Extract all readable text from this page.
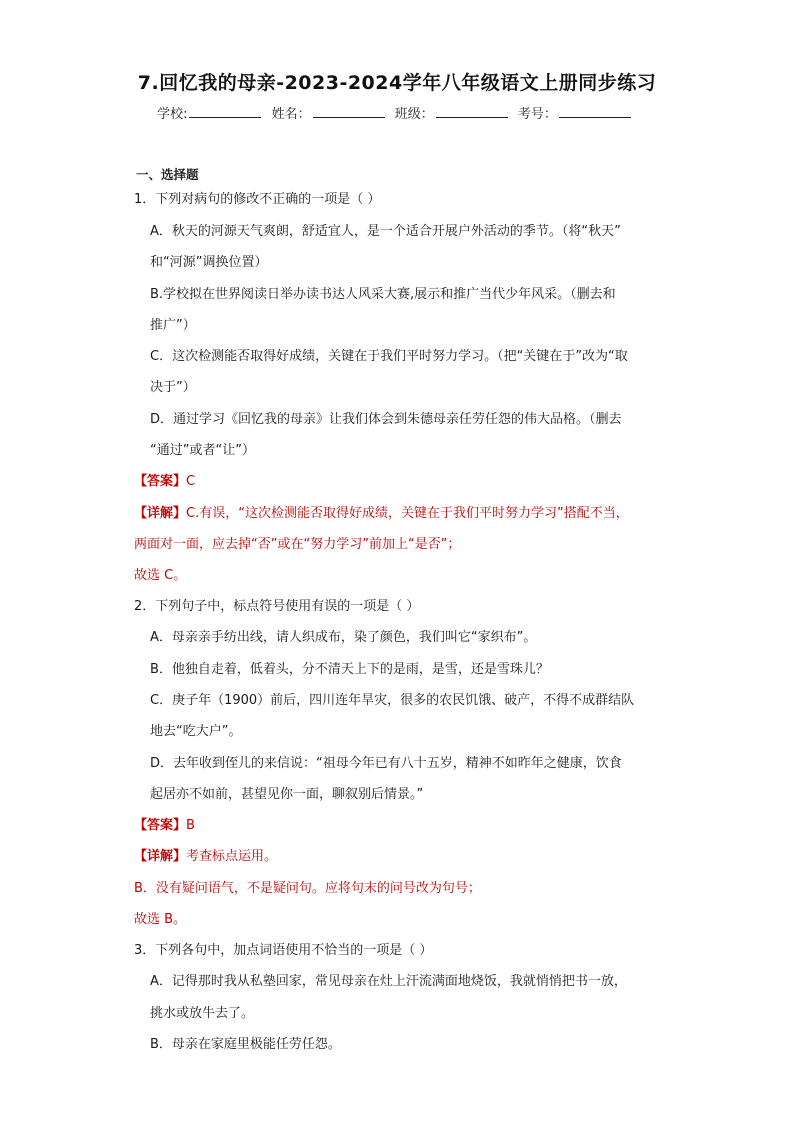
7.回忆我的母亲-2023-2024学年八年级语文上册同步练习
学校:	姓名：	班级：	考号：
一、选择题
1．下列对病句的修改不正确的一项是（ ）
A．秋天的河源天气爽朗，舒适宜人，是一个适合开展户外活动的季节。（将“秋天”
和“河源”调换位置）
B.学校拟在世界阅读日举办读书达人风采大赛,展示和推广当代少年风采。（删去和
推广”）
C．这次检测能否取得好成绩，关键在于我们平时努力学习。（把“关键在于”改为“取
决于”）
D．通过学习《回忆我的母亲》让我们体会到朱德母亲任劳任怨的伟大品格。（删去
“通过”或者“让”）
【答案】C
【详解】C.有误，“这次检测能否取得好成绩，关键在于我们平时努力学习”搭配不当，
两面对一面，应去掉“否”或在“努力学习”前加上“是否”；
故选 C。
2．下列句子中，标点符号使用有误的一项是（ ）
A．母亲亲手纺出线，请人织成布，染了颜色，我们叫它“家织布”。
B．他独自走着，低着头，分不清天上下的是雨，是雪，还是雪珠儿？
C．庚子年（1900）前后，四川连年旱灾，很多的农民饥饿、破产，不得不成群结队
地去“吃大户”。
D．去年收到侄儿的来信说：“祖母今年已有八十五岁，精神不如昨年之健康，饮食
起居亦不如前，甚望见你一面，聊叙别后情景。”
【答案】B
【详解】考查标点运用。
B．没有疑问语气，不是疑问句。应将句末的问号改为句号；
故选 B。
3．下列各句中，加点词语使用不恰当的一项是（ ）
A．记得那时我从私塾回家，常见母亲在灶上汗流满面地烧饭，我就悄悄把书一放，
挑水或放牛去了。
B．母亲在家庭里极能任劳任怨。
